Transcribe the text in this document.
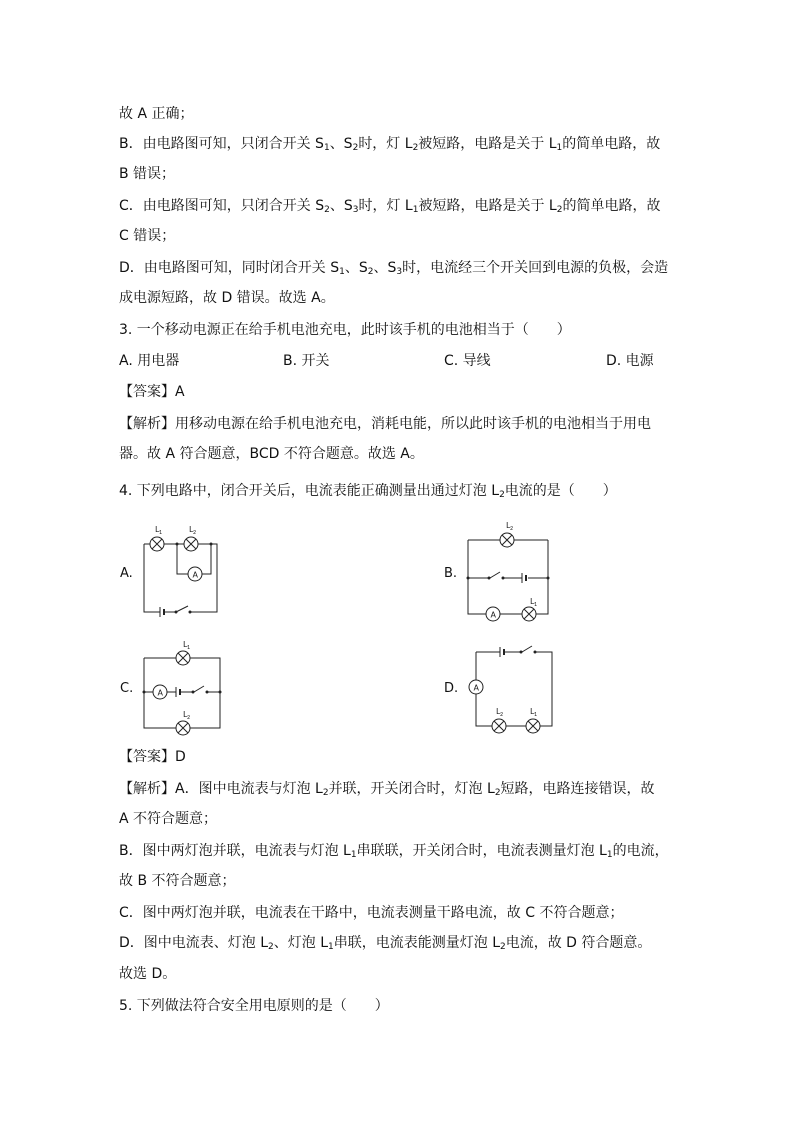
故 A 正确；
B．由电路图可知，只闭合开关 $S_1$、$S_2$时，灯 $L_2$被短路，电路是关于 $L_1$的简单电路，故
B 错误；
C．由电路图可知，只闭合开关 $S_2$、$S_3$时，灯 $L_1$被短路，电路是关于 $L_2$的简单电路，故
C 错误；
D．由电路图可知，同时闭合开关 $S_1$、$S_2$、$S_3$时，电流经三个开关回到电源的负极，会造
成电源短路，故 D 错误。故选 A。
3. 一个移动电源正在给手机电池充电，此时该手机的电池相当于（　　）
A. 用电器	B. 开关	C. 导线	D. 电源
【答案】A
【解析】用移动电源在给手机电池充电，消耗电能，所以此时该手机的电池相当于用电
器。故 A 符合题意，BCD 不符合题意。故选 A。
4. 下列电路中，闭合开关后，电流表能正确测量出通过灯泡 $L_2$电流的是（　　）
A.	B.
C.	D.
A
L 1	L 2
A
L 2
L 1
A
L 1
L 2
A
L 2	L 1
【答案】D
【解析】A．图中电流表与灯泡 $L_2$并联，开关闭合时，灯泡 $L_2$短路，电路连接错误，故
A 不符合题意；
B．图中两灯泡并联，电流表与灯泡 $L_1$串联联，开关闭合时，电流表测量灯泡 $L_1$的电流，
故 B 不符合题意；
C．图中两灯泡并联，电流表在干路中，电流表测量干路电流，故 C 不符合题意；
D．图中电流表、灯泡 $L_2$、灯泡 $L_1$串联，电流表能测量灯泡 $L_2$电流，故 D 符合题意。
故选 D。
5. 下列做法符合安全用电原则的是（　　）
